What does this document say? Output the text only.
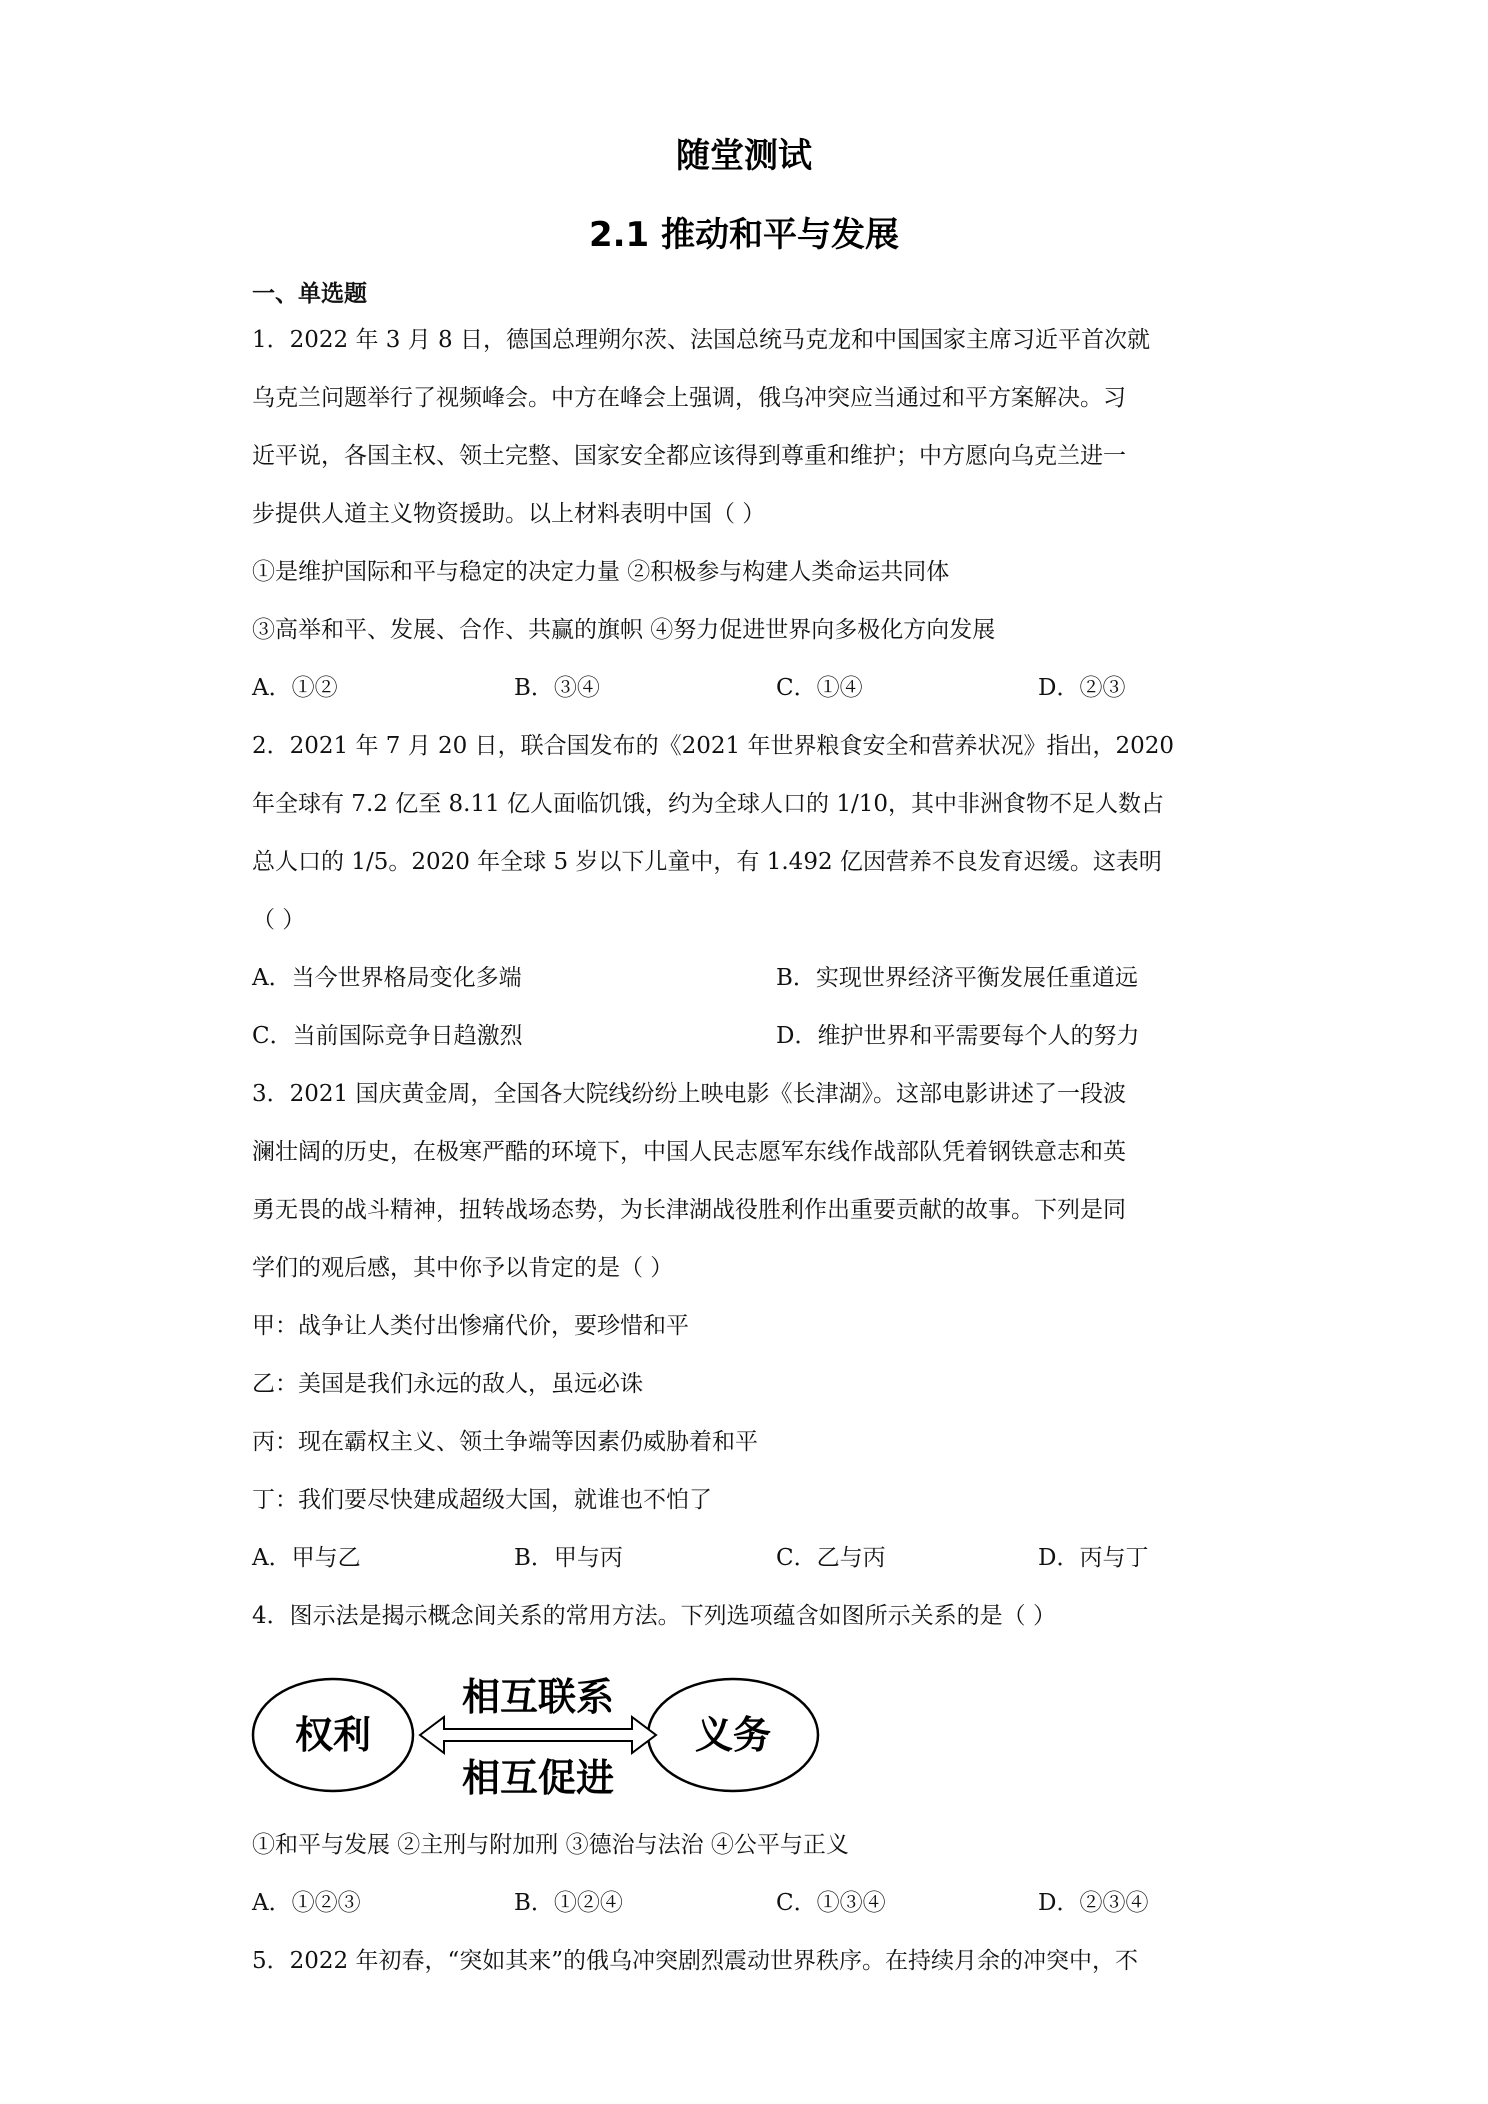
随堂测试
2.1 推动和平与发展
一、单选题
1．2022 年 3 月 8 日，德国总理朔尔茨、法国总统马克龙和中国国家主席习近平首次就
乌克兰问题举行了视频峰会。中方在峰会上强调，俄乌冲突应当通过和平方案解决。习
近平说，各国主权、领土完整、国家安全都应该得到尊重和维护；中方愿向乌克兰进一
步提供人道主义物资援助。以上材料表明中国（ ）
①是维护国际和平与稳定的决定力量 ②积极参与构建人类命运共同体
③高举和平、发展、合作、共赢的旗帜 ④努力促进世界向多极化方向发展
A．①②	B．③④	C．①④	D．②③
2．2021 年 7 月 20 日，联合国发布的《2021 年世界粮食安全和营养状况》指出，2020
年全球有 7.2 亿至 8.11 亿人面临饥饿，约为全球人口的 1/10，其中非洲食物不足人数占
总人口的 1/5。2020 年全球 5 岁以下儿童中，有 1.492 亿因营养不良发育迟缓。这表明
（ ）
A．当今世界格局变化多端	B．实现世界经济平衡发展任重道远
C．当前国际竞争日趋激烈	D．维护世界和平需要每个人的努力
3．2021 国庆黄金周，全国各大院线纷纷上映电影《长津湖》。这部电影讲述了一段波
澜壮阔的历史，在极寒严酷的环境下，中国人民志愿军东线作战部队凭着钢铁意志和英
勇无畏的战斗精神，扭转战场态势，为长津湖战役胜利作出重要贡献的故事。下列是同
学们的观后感，其中你予以肯定的是（ ）
甲：战争让人类付出惨痛代价，要珍惜和平
乙：美国是我们永远的敌人，虽远必诛
丙：现在霸权主义、领土争端等因素仍威胁着和平
丁：我们要尽快建成超级大国，就谁也不怕了
A．甲与乙	B．甲与丙	C．乙与丙	D．丙与丁
4．图示法是揭示概念间关系的常用方法。下列选项蕴含如图所示关系的是（ ）
权利	义务
相互联系
相互促进
①和平与发展 ②主刑与附加刑 ③德治与法治 ④公平与正义
A．①②③	B．①②④	C．①③④	D．②③④
5．2022 年初春，“突如其来”的俄乌冲突剧烈震动世界秩序。在持续月余的冲突中，不
